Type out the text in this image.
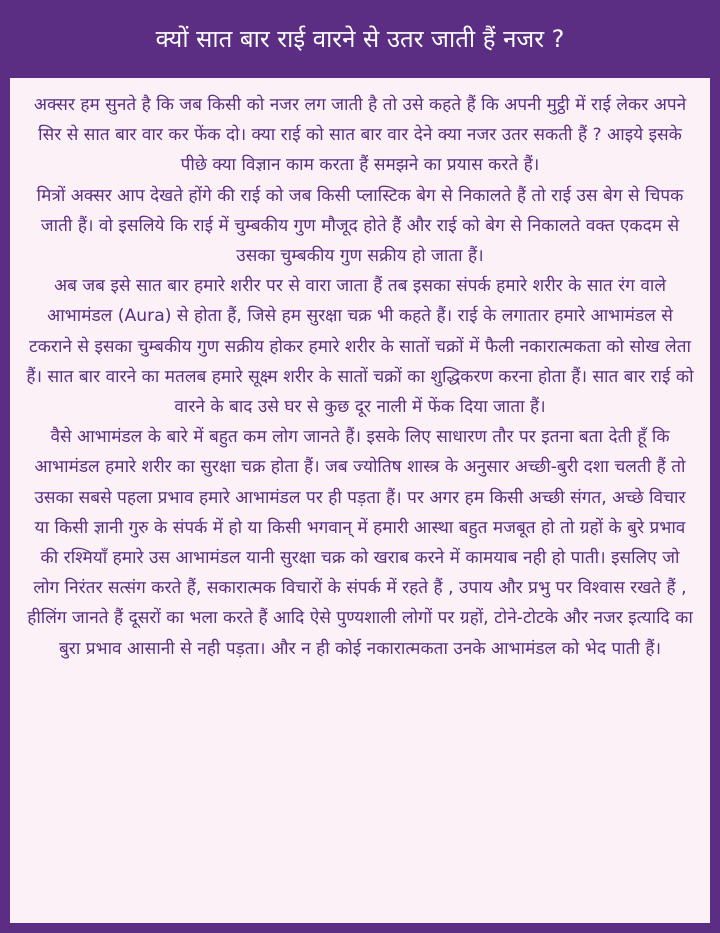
क्यों सात बार राई वारने से उतर जाती हैं नजर ?

अक्सर हम सुनते है कि जब किसी को नजर लग जाती है तो उसे कहते हैं कि अपनी मुट्ठी में राई लेकर अपने सिर से सात बार वार कर फेंक दो। क्या राई को सात बार वार देने क्या नजर उतर सकती हैं ? आइये इसके पीछे क्या विज्ञान काम करता हैं समझने का प्रयास करते हैं।

मित्रों अक्सर आप देखते होंगे की राई को जब किसी प्लास्टिक बेग से निकालते हैं तो राई उस बेग से चिपक जाती हैं। वो इसलिये कि राई में चुम्बकीय गुण मौजूद होते हैं और राई को बेग से निकालते वक्त एकदम से उसका चुम्बकीय गुण सक्रीय हो जाता हैं।

अब जब इसे सात बार हमारे शरीर पर से वारा जाता हैं तब इसका संपर्क हमारे शरीर के सात रंग वाले आभामंडल (Aura) से होता हैं, जिसे हम सुरक्षा चक्र भी कहते हैं। राई के लगातार हमारे आभामंडल से टकराने से इसका चुम्बकीय गुण सक्रीय होकर हमारे शरीर के सातों चक्रों में फैली नकारात्मकता को सोख लेता हैं। सात बार वारने का मतलब हमारे सूक्ष्म शरीर के सातों चक्रों का शुद्धिकरण करना होता हैं। सात बार राई को वारने के बाद उसे घर से कुछ दूर नाली में फेंक दिया जाता हैं।

वैसे आभामंडल के बारे में बहुत कम लोग जानते हैं। इसके लिए साधारण तौर पर इतना बता देती हूँ कि आभामंडल हमारे शरीर का सुरक्षा चक्र होता हैं। जब ज्योतिष शास्त्र के अनुसार अच्छी-बुरी दशा चलती हैं तो उसका सबसे पहला प्रभाव हमारे आभामंडल पर ही पड़ता हैं। पर अगर हम किसी अच्छी संगत, अच्छे विचार या किसी ज्ञानी गुरु के संपर्क में हो या किसी भगवान् में हमारी आस्था बहुत मजबूत हो तो ग्रहों के बुरे प्रभाव की रश्मियाँ हमारे उस आभामंडल यानी सुरक्षा चक्र को खराब करने में कामयाब नही हो पाती। इसलिए जो लोग निरंतर सत्संग करते हैं, सकारात्मक विचारों के संपर्क में रहते हैं , उपाय और प्रभु पर विश्वास रखते हैं , हीलिंग जानते हैं दूसरों का भला करते हैं आदि ऐसे पुण्यशाली लोगों पर ग्रहों, टोने-टोटके और नजर इत्यादि का बुरा प्रभाव आसानी से नही पड़ता। और न ही कोई नकारात्मकता उनके आभामंडल को भेद पाती हैं।
